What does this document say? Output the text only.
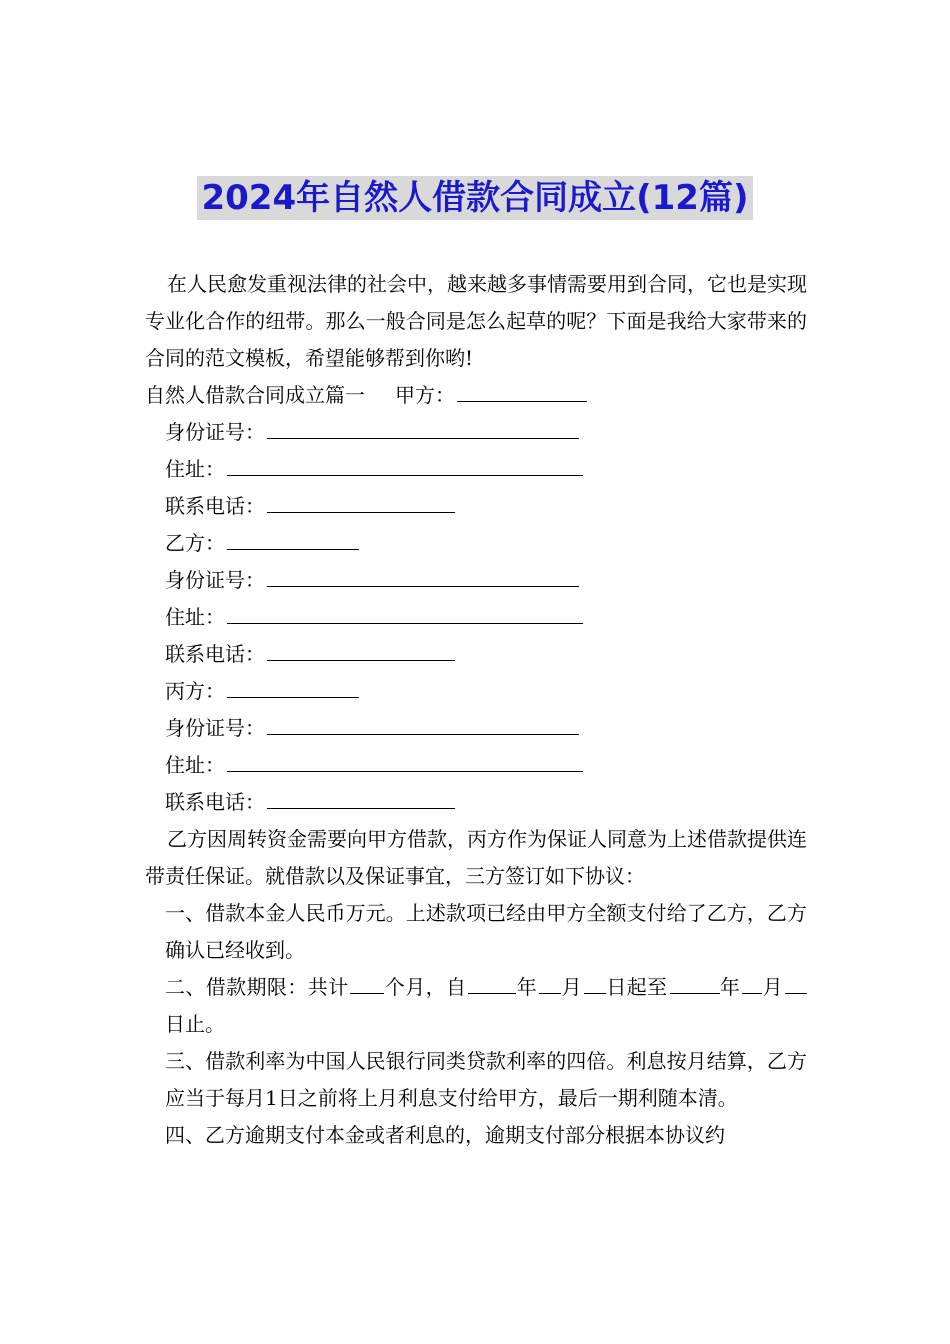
2024年自然人借款合同成立(12篇)

在人民愈发重视法律的社会中，越来越多事情需要用到合同，它也是实现专业化合作的纽带。那么一般合同是怎么起草的呢？下面是我给大家带来的合同的范文模板，希望能够帮到你哟!

自然人借款合同成立篇一 甲方：

身份证号：

住址：

联系电话：

乙方：

身份证号：

住址：

联系电话：

丙方：

身份证号：

住址：

联系电话：

乙方因周转资金需要向甲方借款，丙方作为保证人同意为上述借款提供连带责任保证。就借款以及保证事宜，三方签订如下协议：

一、借款本金人民币万元。上述款项已经由甲方全额支付给了乙方，乙方确认已经收到。

二、借款期限：共计 个月，自	年 月 日起至	年 月日止。

三、借款利率为中国人民银行同类贷款利率的四倍。利息按月结算，乙方应当于每月1日之前将上月利息支付给甲方，最后一期利随本清。

四、乙方逾期支付本金或者利息的，逾期支付部分根据本协议约
